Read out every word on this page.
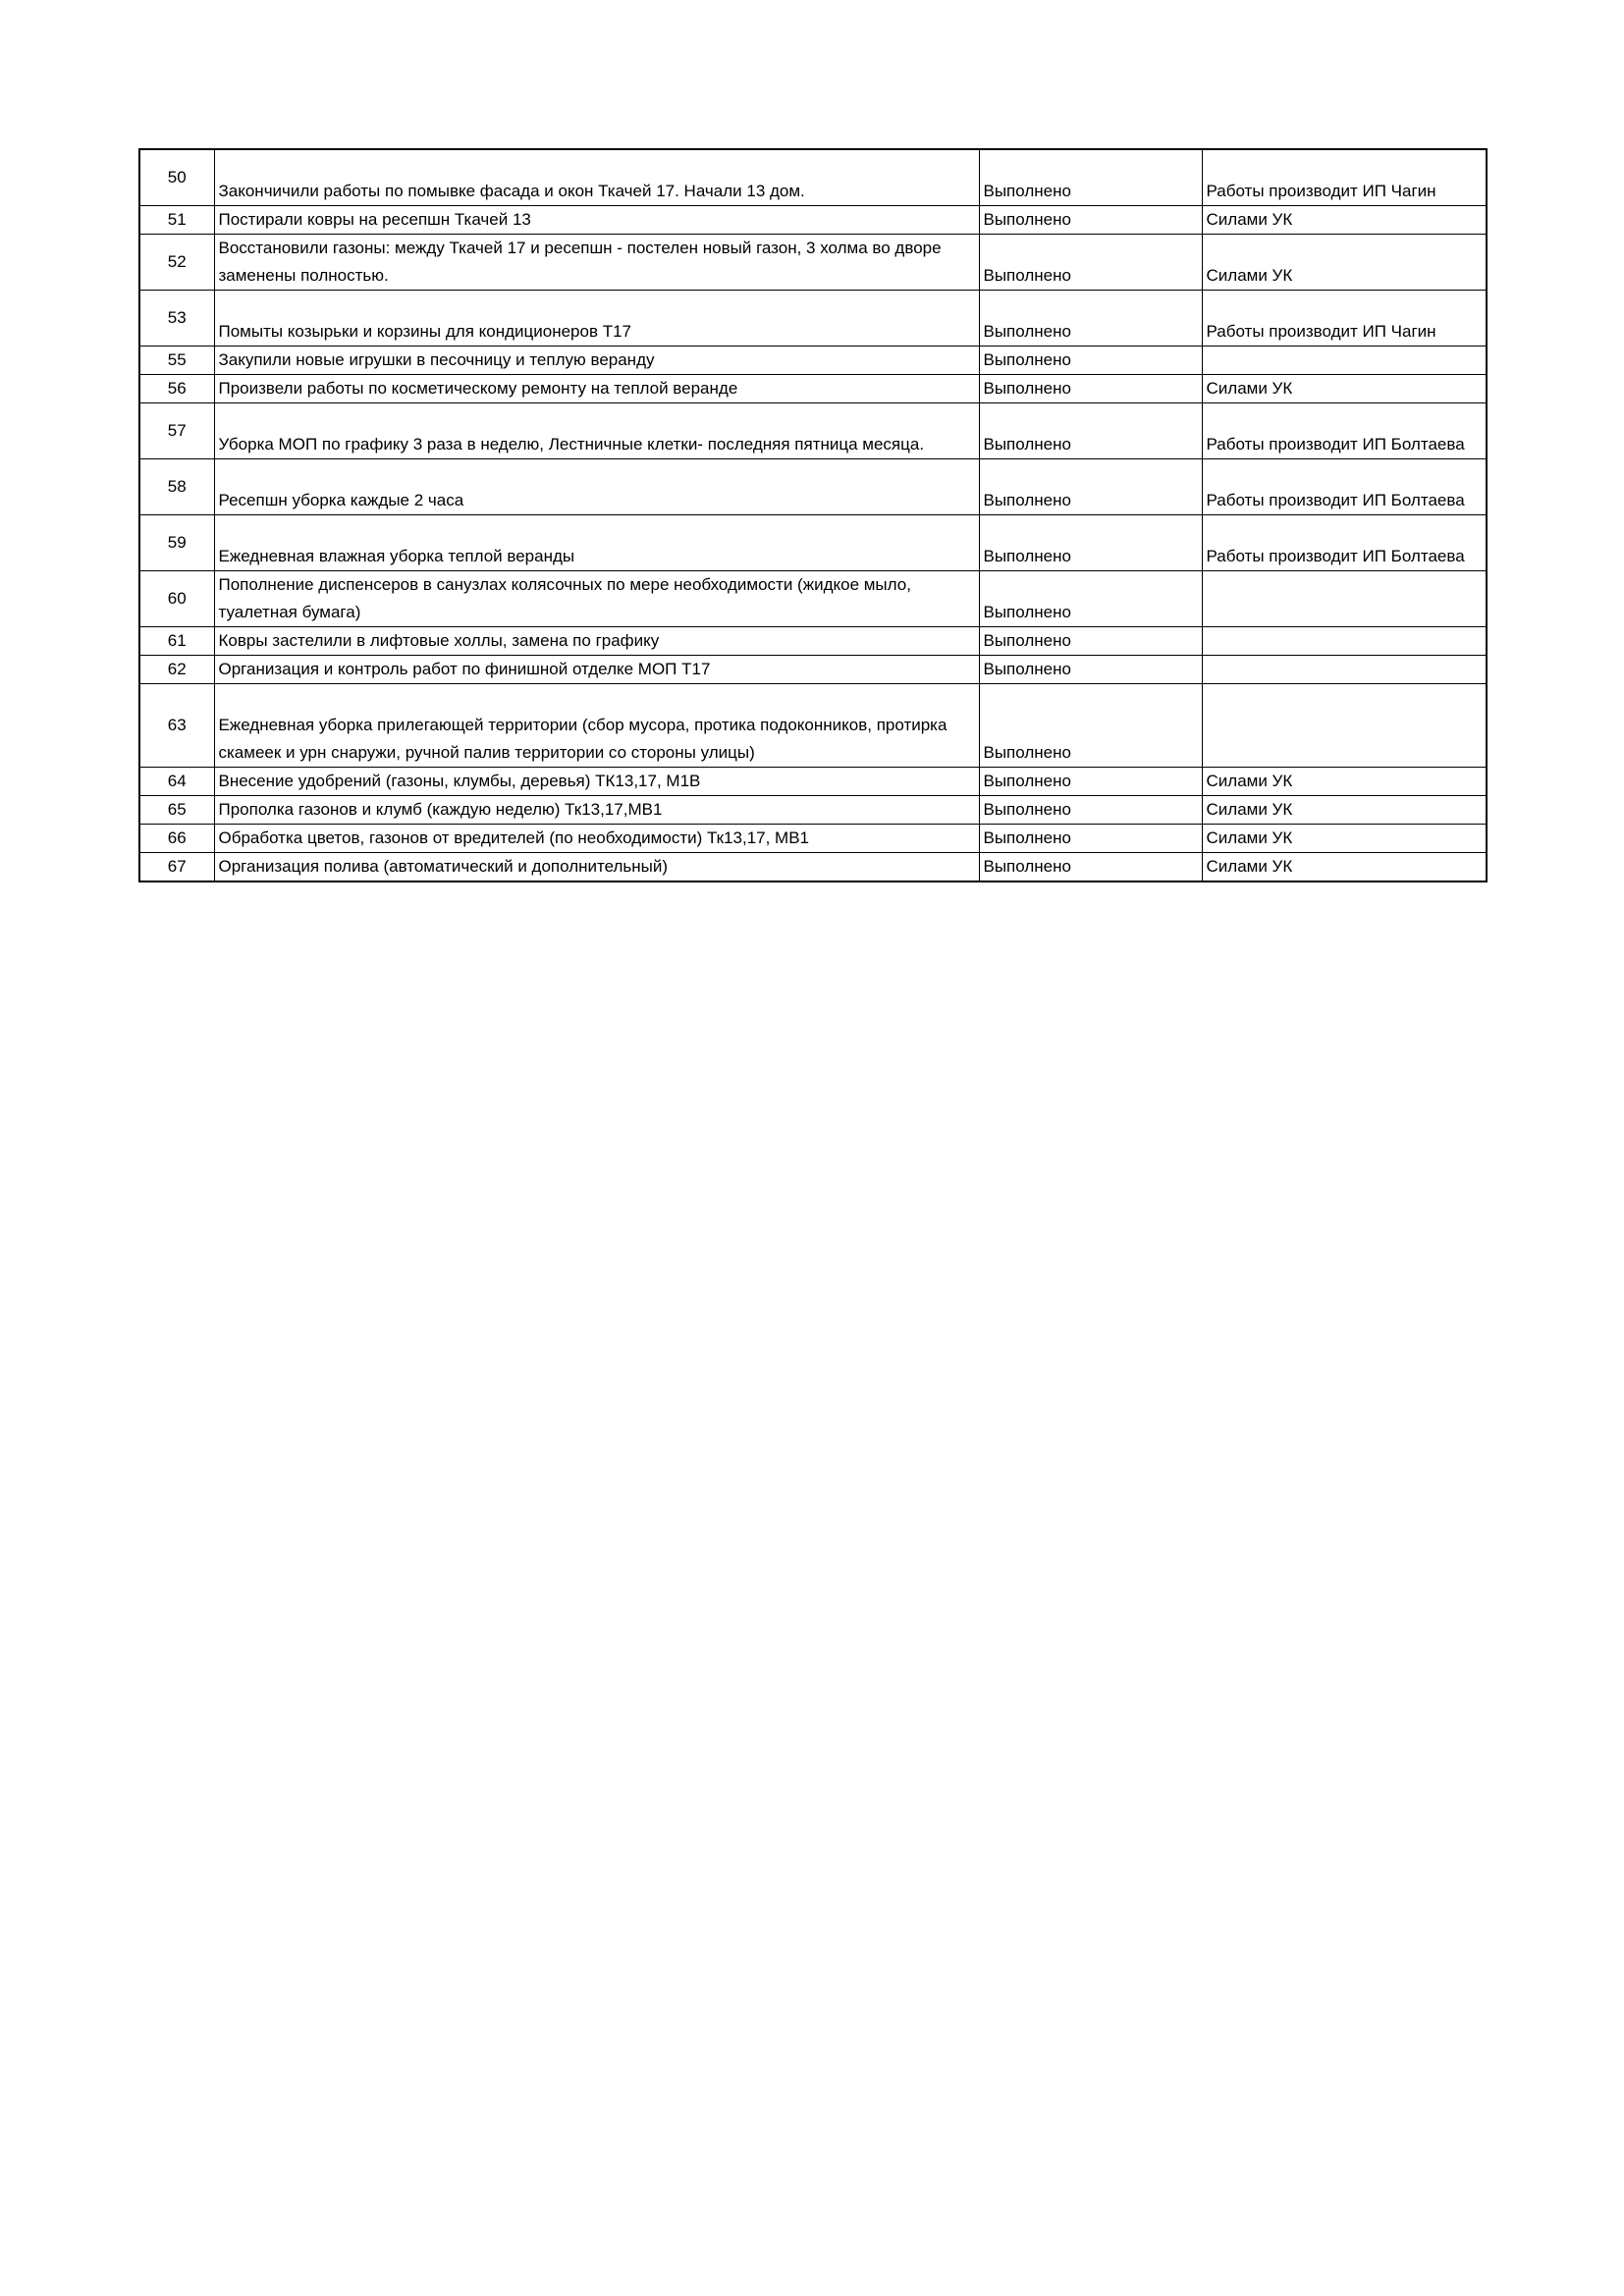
50	Закончичили работы по помывке фасада и окон Ткачей 17. Начали 13 дом.	Выполнено	Работы производит ИП Чагин
51	Постирали ковры на ресепшн Ткачей 13	Выполнено	Силами УК
52	Восстановили газоны: между Ткачей 17 и ресепшн - постелен новый газон, 3 холма во дворе заменены полностью.	Выполнено	Силами УК
53	Помыты козырьки и корзины для кондиционеров Т17	Выполнено	Работы производит ИП Чагин
55	Закупили новые игрушки в песочницу и теплую веранду	Выполнено	
56	Произвели работы по косметическому ремонту на теплой веранде	Выполнено	Силами УК
57	Уборка МОП по графику 3 раза в неделю, Лестничные клетки- последняя пятница месяца.	Выполнено	Работы производит ИП Болтаева
58	Ресепшн уборка каждые 2 часа	Выполнено	Работы производит ИП Болтаева
59	Ежедневная влажная уборка теплой веранды	Выполнено	Работы производит ИП Болтаева
60	Пополнение диспенсеров в санузлах колясочных по мере необходимости (жидкое мыло, туалетная бумага)	Выполнено	
61	Ковры застелили в лифтовые холлы, замена по графику	Выполнено	
62	Организация и контроль работ по финишной отделке МОП Т17	Выполнено	
63	Ежедневная уборка прилегающей территории (сбор мусора, протика подоконников, протирка скамеек и урн снаружи, ручной палив территории со стороны улицы)	Выполнено	
64	Внесение удобрений (газоны, клумбы, деревья) ТК13,17, М1В	Выполнено	Силами УК
65	Прополка газонов и клумб (каждую неделю) Тк13,17,МВ1	Выполнено	Силами УК
66	Обработка цветов, газонов от вредителей (по необходимости) Тк13,17, МВ1	Выполнено	Силами УК
67	Организация полива (автоматический и дополнительный)	Выполнено	Силами УК
